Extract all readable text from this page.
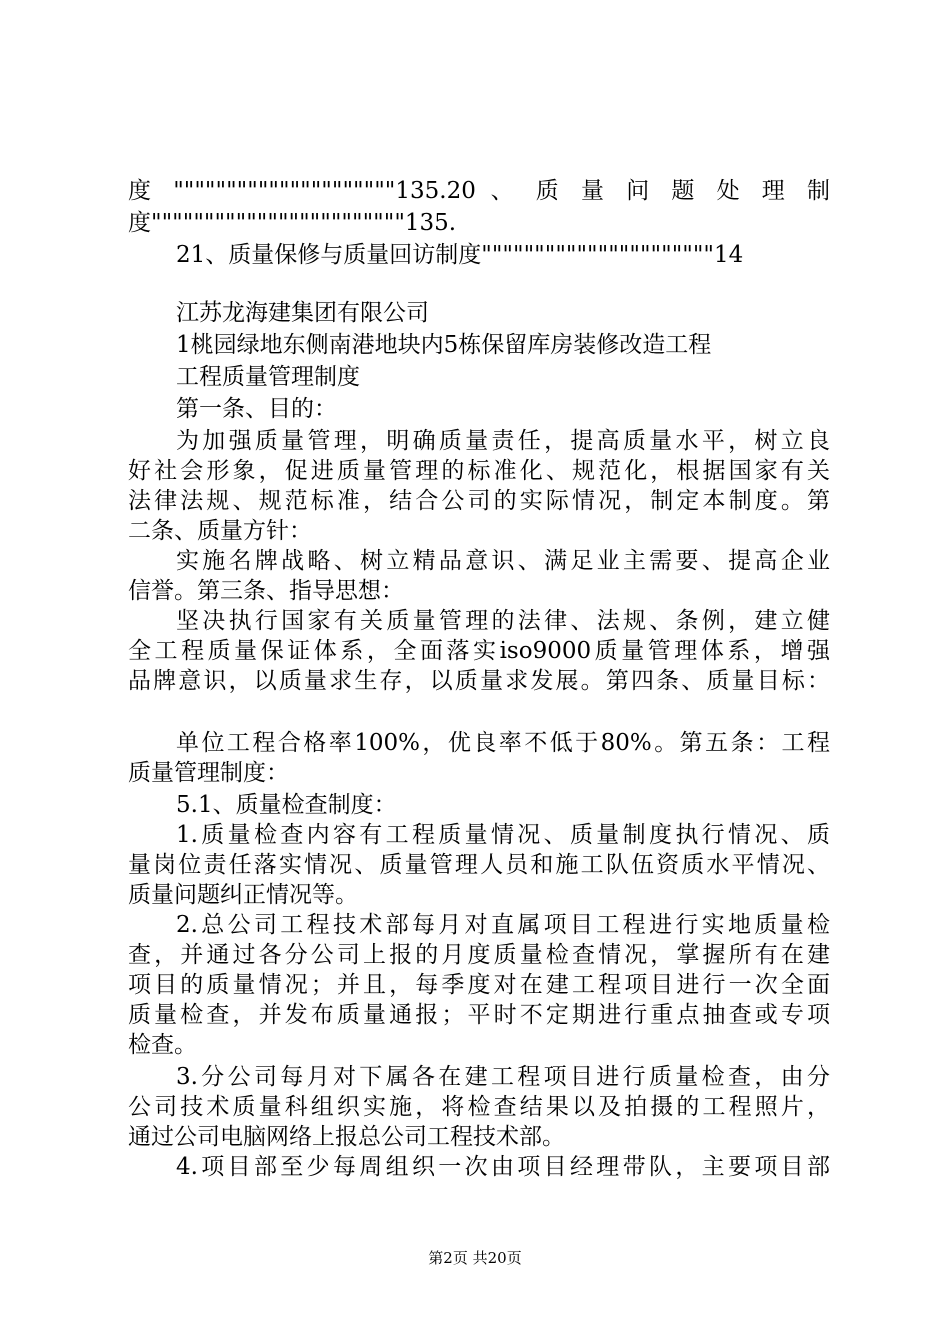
度 """""""""""""""""""""135.20 、 质 量 问 题 处 理 制
度""""""""""""""""""""""""135.
21、质量保修与质量回访制度""""""""""""""""""""""14
江苏龙海建集团有限公司
1桃园绿地东侧南港地块内5栋保留库房装修改造工程
工程质量管理制度
第一条、目的：
为加强质量管理，明确质量责任，提高质量水平，树立良
好社会形象，促进质量管理的标准化、规范化，根据国家有关
法律法规、规范标准，结合公司的实际情况，制定本制度。第
二条、质量方针：
实施名牌战略、树立精品意识、满足业主需要、提高企业
信誉。第三条、指导思想：
坚决执行国家有关质量管理的法律、法规、条例，建立健
全工程质量保证体系，全面落实iso9000质量管理体系，增强
品牌意识，以质量求生存，以质量求发展。第四条、质量目标：
单位工程合格率100%，优良率不低于80%。第五条：工程
质量管理制度：
5.1、质量检查制度：
1.质量检查内容有工程质量情况、质量制度执行情况、质
量岗位责任落实情况、质量管理人员和施工队伍资质水平情况、
质量问题纠正情况等。
2.总公司工程技术部每月对直属项目工程进行实地质量检
查，并通过各分公司上报的月度质量检查情况，掌握所有在建
项目的质量情况；并且，每季度对在建工程项目进行一次全面
质量检查，并发布质量通报；平时不定期进行重点抽查或专项
检查。
3.分公司每月对下属各在建工程项目进行质量检查，由分
公司技术质量科组织实施，将检查结果以及拍摄的工程照片，
通过公司电脑网络上报总公司工程技术部。
4.项目部至少每周组织一次由项目经理带队，主要项目部
第2页 共20页
